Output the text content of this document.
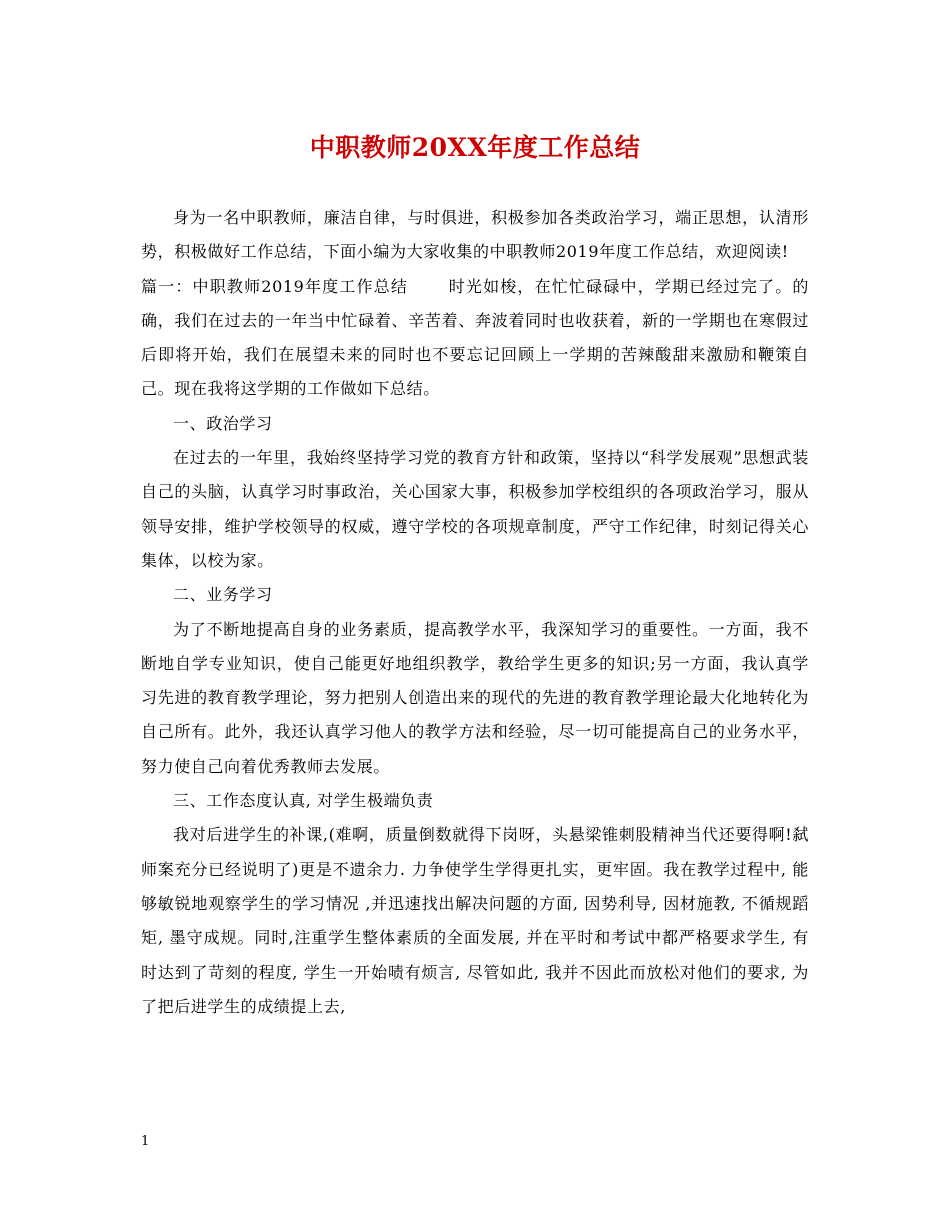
中职教师20XX年度工作总结

身为一名中职教师，廉洁自律，与时俱进，积极参加各类政治学习，端正思想，认清形势，积极做好工作总结，下面小编为大家收集的中职教师2019年度工作总结，欢迎阅读!

篇一：中职教师2019年度工作总结	时光如梭，在忙忙碌碌中，学期已经过完了。的确，我们在过去的一年当中忙碌着、辛苦着、奔波着同时也收获着，新的一学期也在寒假过后即将开始，我们在展望未来的同时也不要忘记回顾上一学期的苦辣酸甜来激励和鞭策自己。现在我将这学期的工作做如下总结。

一、政治学习

在过去的一年里，我始终坚持学习党的教育方针和政策，坚持以“科学发展观”思想武装自己的头脑，认真学习时事政治，关心国家大事，积极参加学校组织的各项政治学习，服从领导安排，维护学校领导的权威，遵守学校的各项规章制度，严守工作纪律，时刻记得关心集体，以校为家。

二、业务学习

为了不断地提高自身的业务素质，提高教学水平，我深知学习的重要性。一方面，我不断地自学专业知识，使自己能更好地组织教学，教给学生更多的知识;另一方面，我认真学习先进的教育教学理论，努力把别人创造出来的现代的先进的教育教学理论最大化地转化为自己所有。此外，我还认真学习他人的教学方法和经验，尽一切可能提高自己的业务水平，努力使自己向着优秀教师去发展。

三、工作态度认真, 对学生极端负责

我对后进学生的补课,(难啊，质量倒数就得下岗呀，头悬梁锥刺股精神当代还要得啊!弑师案充分已经说明了)更是不遗余力. 力争使学生学得更扎实，更牢固。我在教学过程中, 能够敏锐地观察学生的学习情况 ,并迅速找出解决问题的方面, 因势利导, 因材施教, 不循规蹈矩, 墨守成规。同时,注重学生整体素质的全面发展, 并在平时和考试中都严格要求学生, 有时达到了苛刻的程度, 学生一开始啧有烦言, 尽管如此, 我并不因此而放松对他们的要求, 为了把后进学生的成绩提上去,

1
